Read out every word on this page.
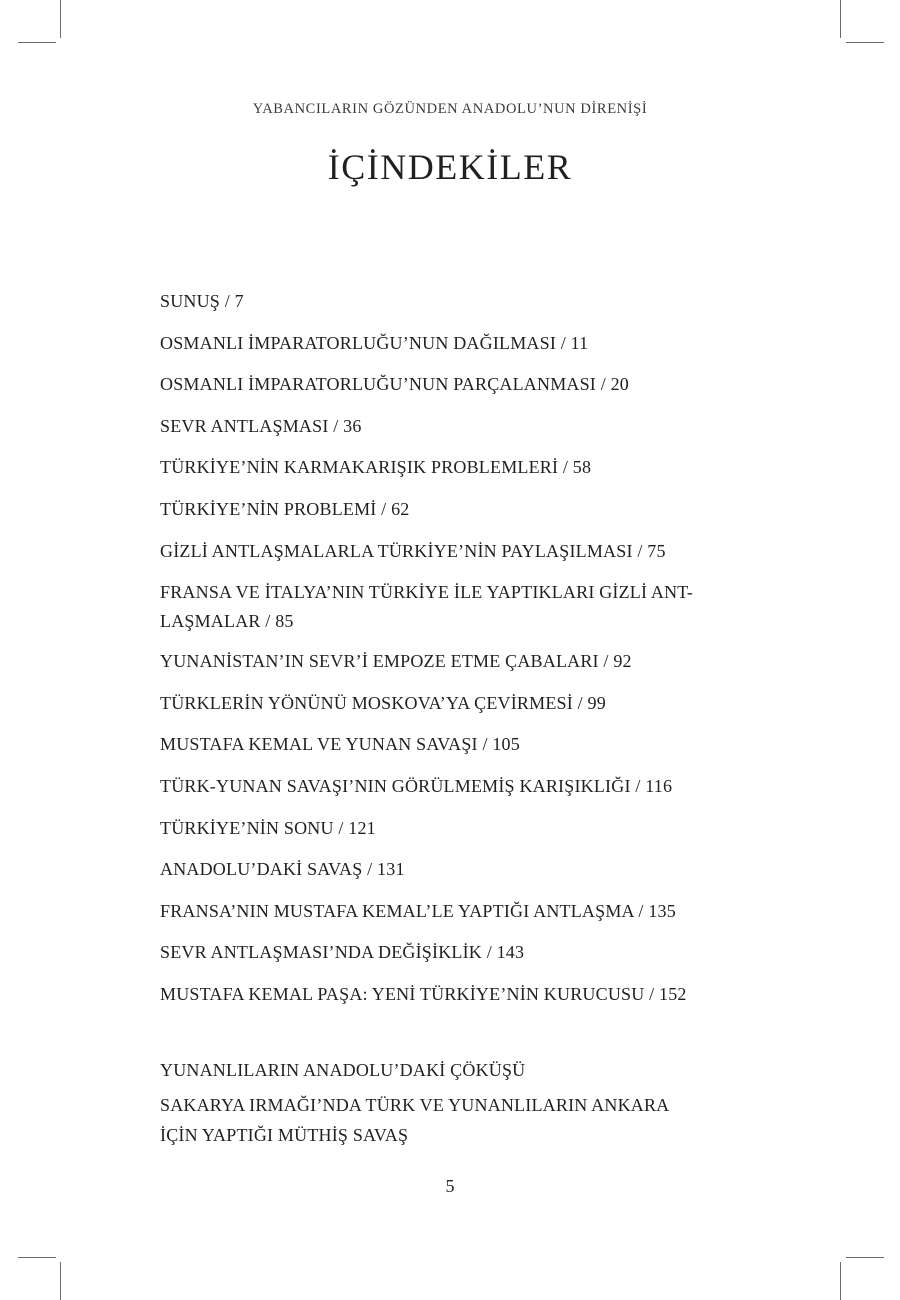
YABANCILARIN GÖZÜNDEN ANADOLU’NUN DİRENİŞİ
İÇİNDEKİLER
SUNUŞ / 7
OSMANLI İMPARATORLUĞU’NUN DAĞILMASI / 11
OSMANLI İMPARATORLUĞU’NUN PARÇALANMASI / 20
SEVR ANTLAŞMASI / 36
TÜRKİYE’NİN KARMAKARIŞIK PROBLEMLERİ / 58
TÜRKİYE’NİN PROBLEMİ / 62
GİZLİ ANTLAŞMALARLA TÜRKİYE’NİN PAYLAŞILMASI / 75
FRANSA VE İTALYA’NIN TÜRKİYE İLE YAPTIKLARI GİZLİ ANT-LAŞMALAR / 85
YUNANİSTAN’IN SEVR’İ EMPOZE ETME ÇABALARI / 92
TÜRKLERİN YÖNÜNÜ MOSKOVA’YA ÇEVİRMESİ / 99
MUSTAFA KEMAL VE YUNAN SAVAŞI / 105
TÜRK-YUNAN SAVAŞI’NIN GÖRÜLMEMİŞ KARIŞIKLIĞI / 116
TÜRKİYE’NİN SONU / 121
ANADOLU’DAKİ SAVAŞ / 131
FRANSA’NIN MUSTAFA KEMAL’LE YAPTIĞI ANTLAŞMA / 135
SEVR ANTLAŞMASI’NDA DEĞİŞİKLİK / 143
MUSTAFA KEMAL PAŞA: YENİ TÜRKİYE’NİN KURUCUSU / 152
YUNANLILARIN ANADOLU’DAKİ ÇÖKÜŞÜ
SAKARYA IRMAĞI’NDA TÜRK VE YUNANLILARIN ANKARA
İÇİN YAPTIĞI MÜTHİŞ SAVAŞ
5
